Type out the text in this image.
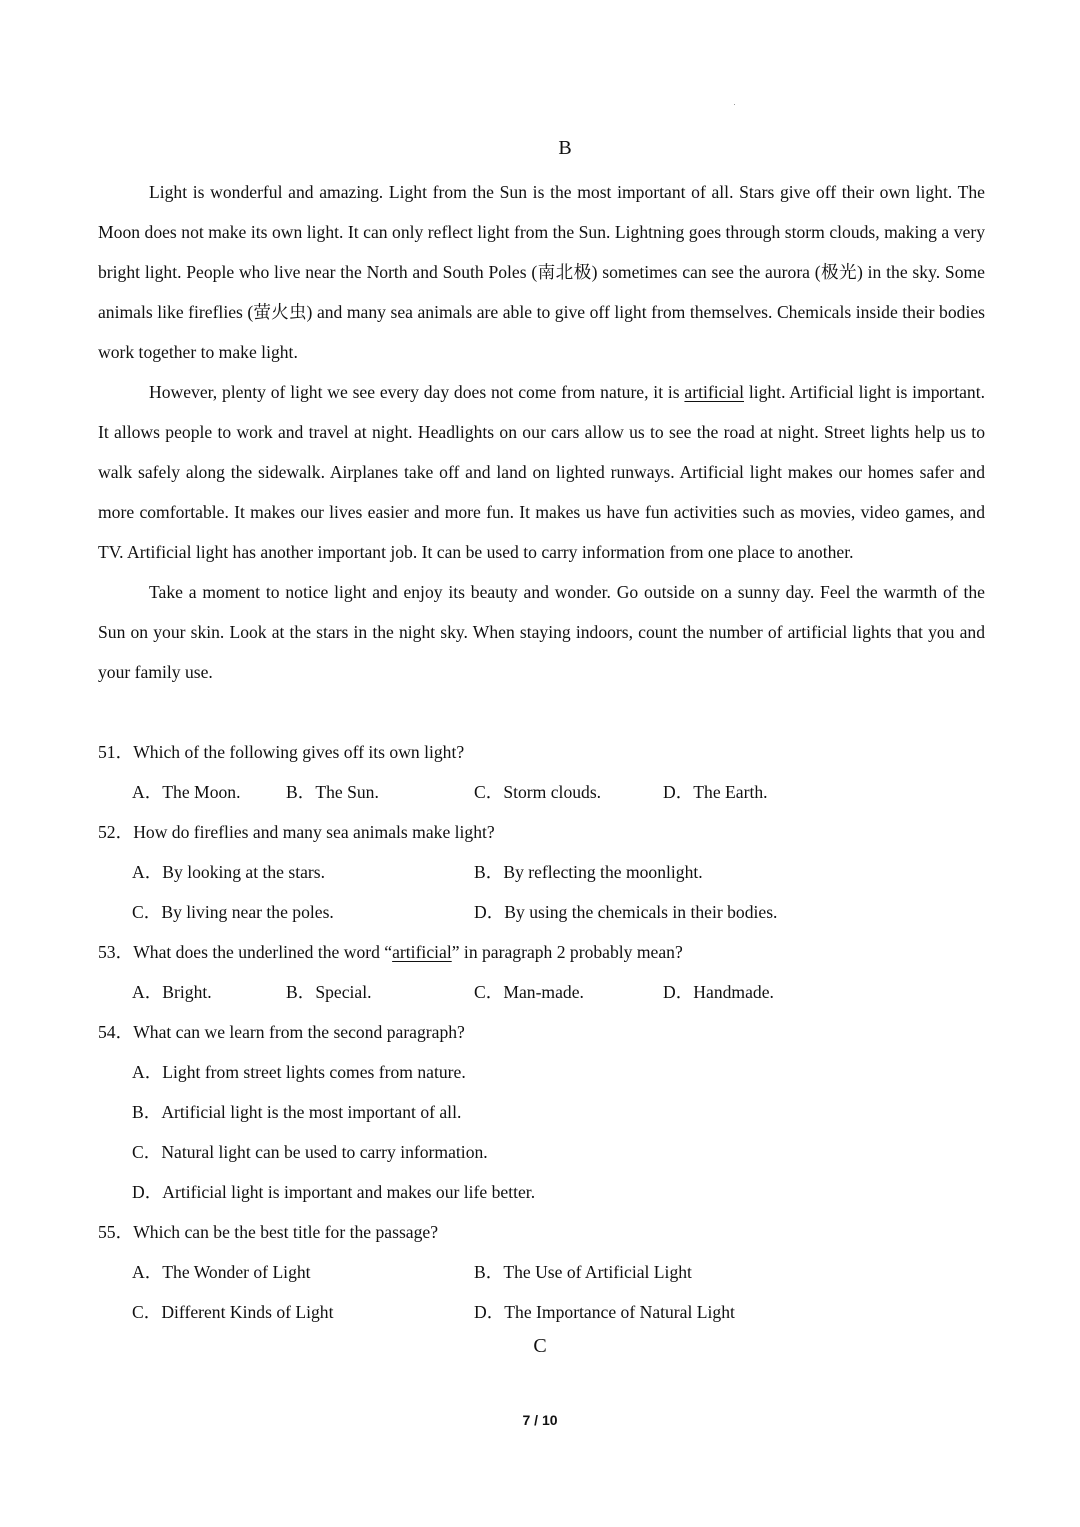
B

Light is wonderful and amazing. Light from the Sun is the most important of all. Stars give off their own light. The Moon does not make its own light. It can only reflect light from the Sun. Lightning goes through storm clouds, making a very bright light. People who live near the North and South Poles (南北极) sometimes can see the aurora (极光) in the sky. Some animals like fireflies (萤火虫) and many sea animals are able to give off light from themselves. Chemicals inside their bodies work together to make light.

However, plenty of light we see every day does not come from nature, it is artificial light. Artificial light is important. It allows people to work and travel at night. Headlights on our cars allow us to see the road at night. Street lights help us to walk safely along the sidewalk. Airplanes take off and land on lighted runways. Artificial light makes our homes safer and more comfortable. It makes our lives easier and more fun. It makes us have fun activities such as movies, video games, and TV. Artificial light has another important job. It can be used to carry information from one place to another.

Take a moment to notice light and enjoy its beauty and wonder. Go outside on a sunny day. Feel the warmth of the Sun on your skin. Look at the stars in the night sky. When staying indoors, count the number of artificial lights that you and your family use.

51．Which of the following gives off its own light?
A．The Moon.	B．The Sun.	C．Storm clouds.	D．The Earth.
52．How do fireflies and many sea animals make light?
A．By looking at the stars.	B．By reflecting the moonlight.
C．By living near the poles.	D．By using the chemicals in their bodies.
53．What does the underlined the word “artificial” in paragraph 2 probably mean?
A．Bright.	B．Special.	C．Man-made.	D．Handmade.
54．What can we learn from the second paragraph?
A．Light from street lights comes from nature.
B．Artificial light is the most important of all.
C．Natural light can be used to carry information.
D．Artificial light is important and makes our life better.
55．Which can be the best title for the passage?
A．The Wonder of Light	B．The Use of Artificial Light
C．Different Kinds of Light	D．The Importance of Natural Light
C
7 / 10
